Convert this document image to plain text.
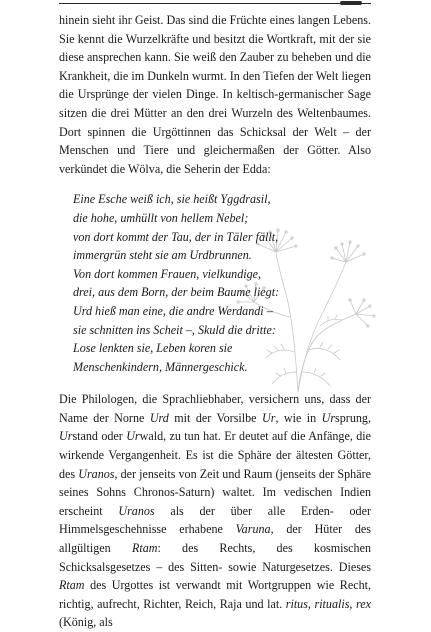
hinein sieht ihr Geist. Das sind die Früchte eines langen Lebens. Sie kennt die Wurzelkräfte und besitzt die Wortkraft, mit der sie diese ansprechen kann. Sie weiß den Zauber zu beheben und die Krankheit, die im Dunkeln wurmt. In den Tiefen der Welt liegen die Ursprünge der vielen Dinge. In keltisch-germanischer Sage sitzen die drei Mütter an den drei Wurzeln des Weltenbaumes. Dort spinnen die Urgöttinnen das Schicksal der Welt – der Menschen und Tiere und gleichermaßen der Götter. Also verkündet die Wölva, die Seherin der Edda:

Eine Esche weiß ich, sie heißt Yggdrasil,
die hohe, umhüllt von hellem Nebel;
von dort kommt der Tau, der in Täler fällt,
immergrün steht sie am Urdbrunnen.
Von dort kommen Frauen, vielkundige,
drei, aus dem Born, der beim Baume liegt:
Urd hieß man eine, die andre Werdandi –
sie schnitten ins Scheit –, Skuld die dritte:
Lose lenkten sie, Leben koren sie
Menschenkindern, Männergeschick.

Die Philologen, die Sprachliebhaber, versichern uns, dass der Name der Norne Urd mit der Vorsilbe Ur, wie in Ursprung, Urstand oder Urwald, zu tun hat. Er deutet auf die Anfänge, die wirkende Vergangenheit. Es ist die Sphäre der ältesten Götter, des Uranos, der jenseits von Zeit und Raum (jenseits der Sphäre seines Sohns Chronos-Saturn) waltet. Im vedischen Indien erscheint Uranos als der über alle Erden- oder Himmelsgeschehnisse erhabene Varuna, der Hüter des allgültigen Rtam: des Rechts, des kosmischen Schicksalsgesetzes – des Sitten- sowie Naturgesetzes. Dieses Rtam des Urgottes ist verwandt mit Wortgruppen wie Recht, richtig, aufrecht, Richter, Reich, Raja und lat. ritus, ritualis, rex (König, als
